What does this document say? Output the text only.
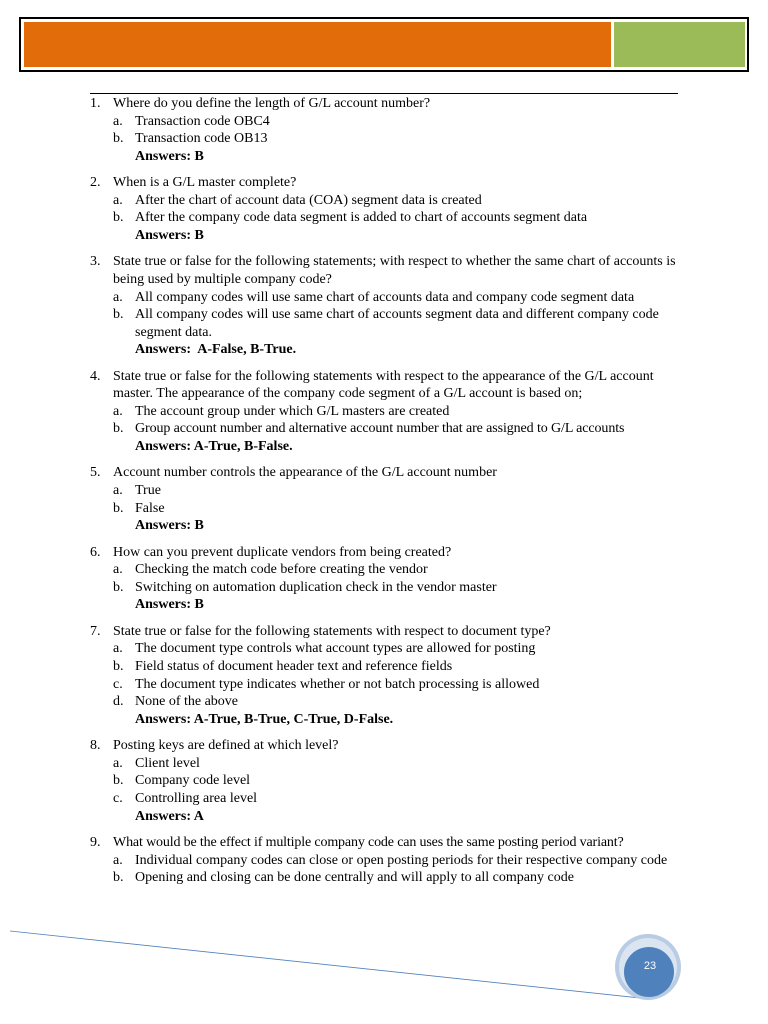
1. Where do you define the length of G/L account number?
a. Transaction code OBC4
b. Transaction code OB13
Answers: B
2. When is a G/L master complete?
a. After the chart of account data (COA) segment data is created
b. After the company code data segment is added to chart of accounts segment data
Answers: B
3. State true or false for the following statements; with respect to whether the same chart of accounts is being used by multiple company code?
a. All company codes will use same chart of accounts data and company code segment data
b. All company codes will use same chart of accounts segment data and different company code segment data.
Answers:  A-False, B-True.
4. State true or false for the following statements with respect to the appearance of the G/L account master. The appearance of the company code segment of a G/L account is based on;
a. The account group under which G/L masters are created
b. Group account number and alternative account number that are assigned to G/L accounts
Answers: A-True, B-False.
5. Account number controls the appearance of the G/L account number
a. True
b. False
Answers: B
6. How can you prevent duplicate vendors from being created?
a. Checking the match code before creating the vendor
b. Switching on automation duplication check in the vendor master
Answers: B
7. State true or false for the following statements with respect to document type?
a. The document type controls what account types are allowed for posting
b. Field status of document header text and reference fields
c. The document type indicates whether or not batch processing is allowed
d. None of the above
Answers: A-True, B-True, C-True, D-False.
8. Posting keys are defined at which level?
a. Client level
b. Company code level
c. Controlling area level
Answers: A
9. What would be the effect if multiple company code can uses the same posting period variant?
a. Individual company codes can close or open posting periods for their respective company code
b. Opening and closing can be done centrally and will apply to all company code
23
